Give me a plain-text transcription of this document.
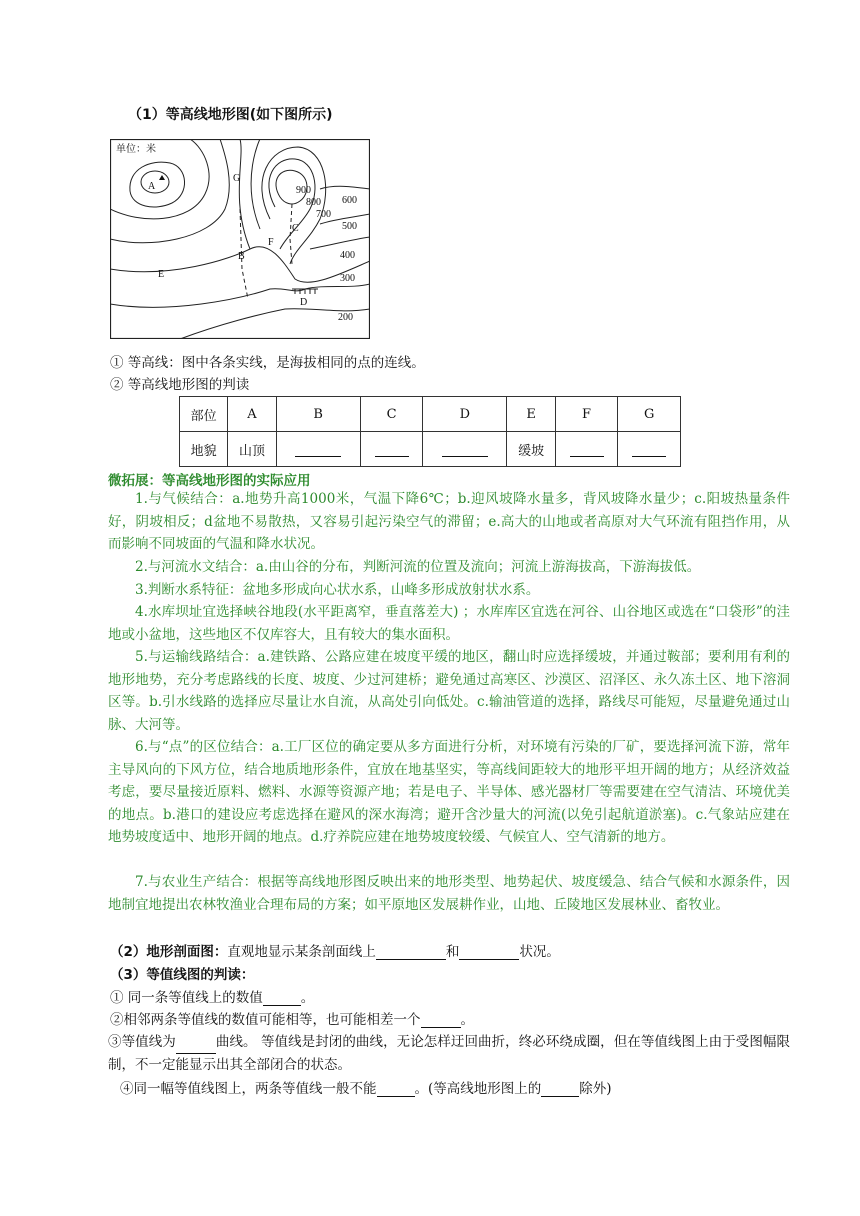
（1）等高线地形图(如下图所示)
单位：米
A
B
C
D
E
F
G
900
800
700
600
500
400
300
200
① 等高线：图中各条实线，是海拔相同的点的连线。
② 等高线地形图的判读
部位	A	B	C	D	E	F	G
地貌	山顶				缓坡		
微拓展：等高线地形图的实际应用
1.与气候结合：a.地势升高1000米，气温下降6℃；b.迎风坡降水量多，背风坡降水量少；c.阳坡热量条件好，阴坡相反；d盆地不易散热，又容易引起污染空气的滞留；e.高大的山地或者高原对大气环流有阻挡作用，从而影响不同坡面的气温和降水状况。
2.与河流水文结合：a.由山谷的分布，判断河流的位置及流向；河流上游海拔高，下游海拔低。
3.判断水系特征：盆地多形成向心状水系，山峰多形成放射状水系。
4.水库坝址宜选择峡谷地段(水平距离窄，垂直落差大) ；水库库区宜选在河谷、山谷地区或选在“口袋形”的洼地或小盆地，这些地区不仅库容大，且有较大的集水面积。
5.与运输线路结合：a.建铁路、公路应建在坡度平缓的地区，翻山时应选择缓坡，并通过鞍部；要利用有利的地形地势，充分考虑路线的长度、坡度、少过河建桥；避免通过高寒区、沙漠区、沼泽区、永久冻土区、地下溶洞区等。b.引水线路的选择应尽量让水自流，从高处引向低处。c.输油管道的选择，路线尽可能短，尽量避免通过山脉、大河等。
6.与“点”的区位结合：a.工厂区位的确定要从多方面进行分析，对环境有污染的厂矿，要选择河流下游，常年主导风向的下风方位，结合地质地形条件，宜放在地基坚实，等高线间距较大的地形平坦开阔的地方；从经济效益考虑，要尽量接近原料、燃料、水源等资源产地；若是电子、半导体、感光器材厂等需要建在空气清洁、环境优美的地点。b.港口的建设应考虑选择在避风的深水海湾；避开含沙量大的河流(以免引起航道淤塞)。c.气象站应建在地势坡度适中、地形开阔的地点。d.疗养院应建在地势坡度较缓、气候宜人、空气清新的地方。
7.与农业生产结合：根据等高线地形图反映出来的地形类型、地势起伏、坡度缓急、结合气候和水源条件，因地制宜地提出农林牧渔业合理布局的方案；如平原地区发展耕作业，山地、丘陵地区发展林业、畜牧业。
（2）地形剖面图：直观地显示某条剖面线上	和	状况。
（3）等值线图的判读：
① 同一条等值线上的数值	。
②相邻两条等值线的数值可能相等，也可能相差一个	。
③等值线为	曲线。 等值线是封闭的曲线，无论怎样迂回曲折，终必环绕成圈，但在等值线图上由于受图幅限制，不一定能显示出其全部闭合的状态。
④同一幅等值线图上，两条等值线一般不能	。(等高线地形图上的	除外)
